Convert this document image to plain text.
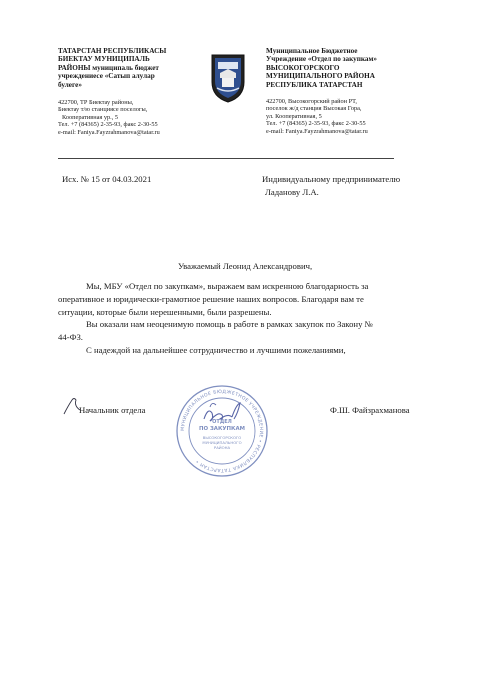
ТАТАРСТАН РЕСПУБЛИКАСЫ
БИЕКТАУ МУНИЦИПАЛЬ
РАЙОНЫ муниципаль бюджет
учреждениесе «Сатып алулар
булеге»
422700, ТР Биектау районы,
Биектау т/ю станциясе поселогы,
Кооперативная ур., 5
Тел. +7 (84365) 2-35-93, факс 2-30-55
e-mail: Faniya.Fayzrahmanova@tatar.ru
Муниципальное Бюджетное
Учреждение «Отдел по закупкам»
ВЫСОКОГОРСКОГО
МУНИЦИПАЛЬНОГО РАЙОНА
РЕСПУБЛИКА ТАТАРСТАН
422700, Высокогорский район РТ,
поселок ж/д станция Высокая Гора,
ул. Кооперативная, 5
Тел. +7 (84365) 2-35-93, факс 2-30-55
e-mail: Faniya.Fayzrahmanova@tatar.ru
Исх. № 15 от 04.03.2021	Индивидуальному предпринимателю
Ладанову Л.А.
Уважаемый Леонид Александрович,
Мы, МБУ «Отдел по закупкам», выражаем вам искренною благодарность за
оперативное и юридически-грамотное решение наших вопросов. Благодаря вам те
ситуации, которые были нерешенными, были разрешены.
Вы оказали нам неоценимую помощь в работе в рамках закупок по Закону №
44-ФЗ.
С надеждой на дальнейшее сотрудничество и лучшими пожеланиями,
Начальник отдела	Ф.Ш. Файзрахманова
МУНИЦИПАЛЬНОЕ БЮДЖЕТНОЕ УЧРЕЖДЕНИЕ • РЕСПУБЛИКА ТАТАРСТАН •
ОТДЕЛ
ПО ЗАКУПКАМ
ВЫСОКОГОРСКОГО
МУНИЦИПАЛЬНОГО
РАЙОНА
